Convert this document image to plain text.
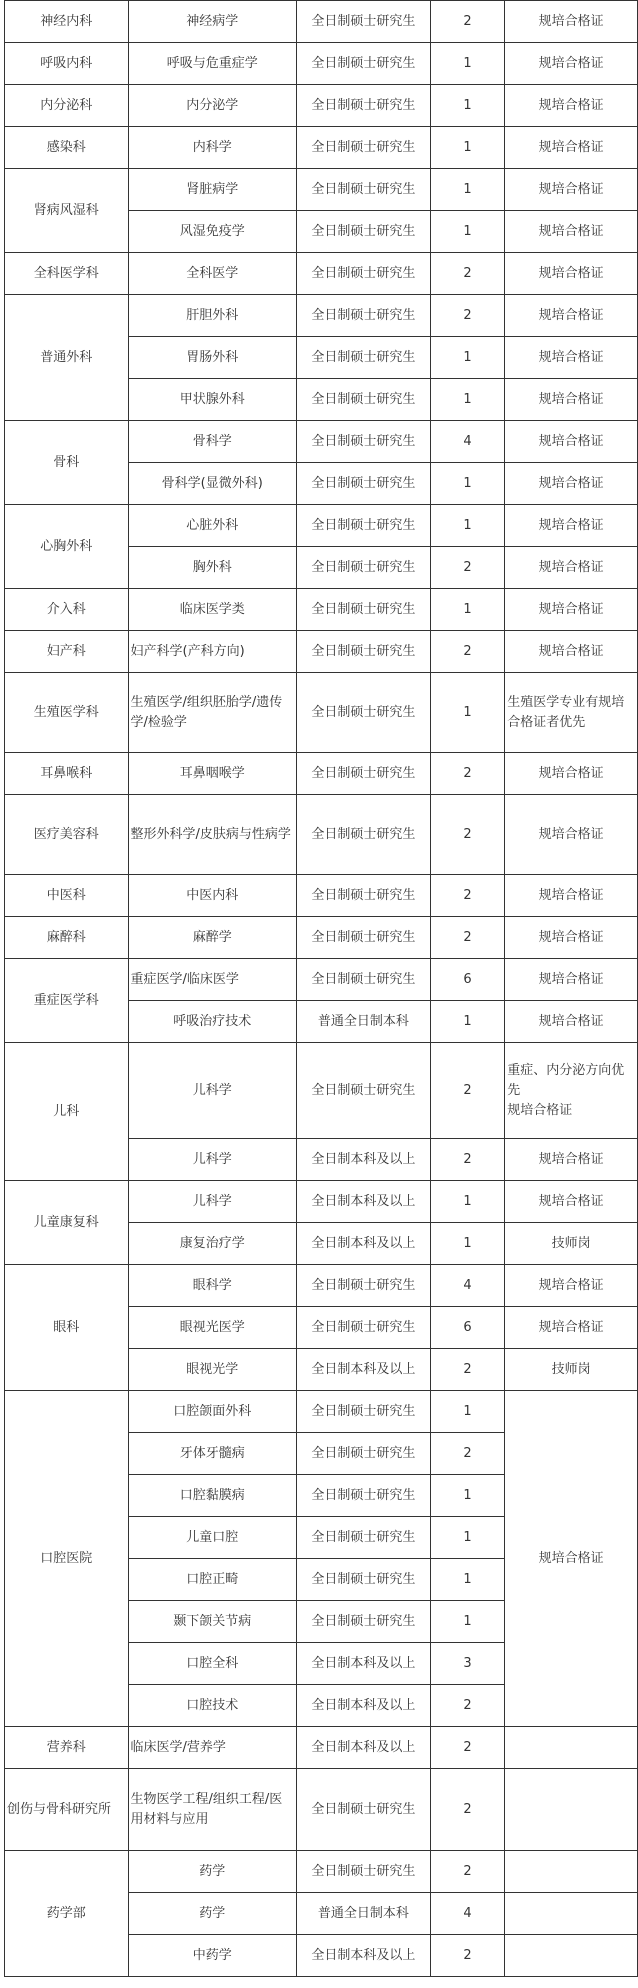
神经内科	神经病学	全日制硕士研究生	2	规培合格证
呼吸内科	呼吸与危重症学	全日制硕士研究生	1	规培合格证
内分泌科	内分泌学	全日制硕士研究生	1	规培合格证
感染科	内科学	全日制硕士研究生	1	规培合格证
肾病风湿科	肾脏病学	全日制硕士研究生	1	规培合格证
	风湿免疫学	全日制硕士研究生	1	规培合格证
全科医学科	全科医学	全日制硕士研究生	2	规培合格证
普通外科	肝胆外科	全日制硕士研究生	2	规培合格证
	胃肠外科	全日制硕士研究生	1	规培合格证
	甲状腺外科	全日制硕士研究生	1	规培合格证
骨科	骨科学	全日制硕士研究生	4	规培合格证
	骨科学(显微外科)	全日制硕士研究生	1	规培合格证
心胸外科	心脏外科	全日制硕士研究生	1	规培合格证
	胸外科	全日制硕士研究生	2	规培合格证
介入科	临床医学类	全日制硕士研究生	1	规培合格证
妇产科	妇产科学(产科方向)	全日制硕士研究生	2	规培合格证
生殖医学科	生殖医学/组织胚胎学/遗传学/检验学	全日制硕士研究生	1	生殖医学专业有规培合格证者优先
耳鼻喉科	耳鼻咽喉学	全日制硕士研究生	2	规培合格证
医疗美容科	整形外科学/皮肤病与性病学	全日制硕士研究生	2	规培合格证
中医科	中医内科	全日制硕士研究生	2	规培合格证
麻醉科	麻醉学	全日制硕士研究生	2	规培合格证
重症医学科	重症医学/临床医学	全日制硕士研究生	6	规培合格证
	呼吸治疗技术	普通全日制本科	1	规培合格证
儿科	儿科学	全日制硕士研究生	2	重症、内分泌方向优先
规培合格证
	儿科学	全日制本科及以上	2	规培合格证
儿童康复科	儿科学	全日制本科及以上	1	规培合格证
	康复治疗学	全日制本科及以上	1	技师岗
眼科	眼科学	全日制硕士研究生	4	规培合格证
	眼视光医学	全日制硕士研究生	6	规培合格证
	眼视光学	全日制本科及以上	2	技师岗
口腔医院	口腔颌面外科	全日制硕士研究生	1	规培合格证
	牙体牙髓病	全日制硕士研究生	2	
	口腔黏膜病	全日制硕士研究生	1	
	儿童口腔	全日制硕士研究生	1	
	口腔正畸	全日制硕士研究生	1	
	颞下颌关节病	全日制硕士研究生	1	
	口腔全科	全日制本科及以上	3	
	口腔技术	全日制本科及以上	2	
营养科	临床医学/营养学	全日制本科及以上	2	
创伤与骨科研究所	生物医学工程/组织工程/医用材料与应用	全日制硕士研究生	2	
药学部	药学	全日制硕士研究生	2	
	药学	普通全日制本科	4	
	中药学	全日制本科及以上	2	
